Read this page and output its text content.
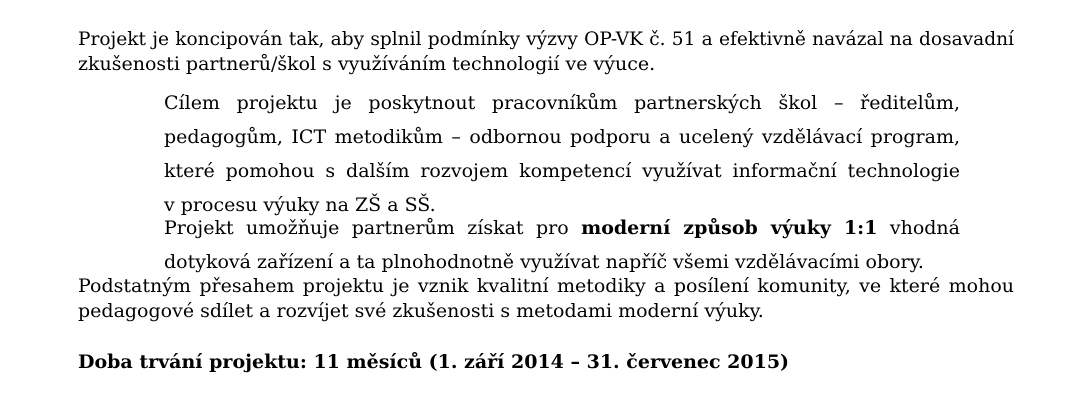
Projekt je koncipován tak, aby splnil podmínky výzvy OP-VK č. 51 a efektivně navázal na dosavadní
zkušenosti partnerů/škol s využíváním technologií ve výuce.

Cílem projektu je poskytnout pracovníkům partnerských škol – ředitelům,
pedagogům, ICT metodikům – odbornou podporu a ucelený vzdělávací program,
které pomohou s dalším rozvojem kompetencí využívat informační technologie
v procesu výuky na ZŠ a SŠ.

Projekt umožňuje partnerům získat pro moderní způsob výuky 1:1 vhodná
dotyková zařízení a ta plnohodnotně využívat napříč všemi vzdělávacími obory.

Podstatným přesahem projektu je vznik kvalitní metodiky a posílení komunity, ve které mohou
pedagogové sdílet a rozvíjet své zkušenosti s metodami moderní výuky.

Doba trvání projektu: 11 měsíců (1. září 2014 – 31. červenec 2015)
